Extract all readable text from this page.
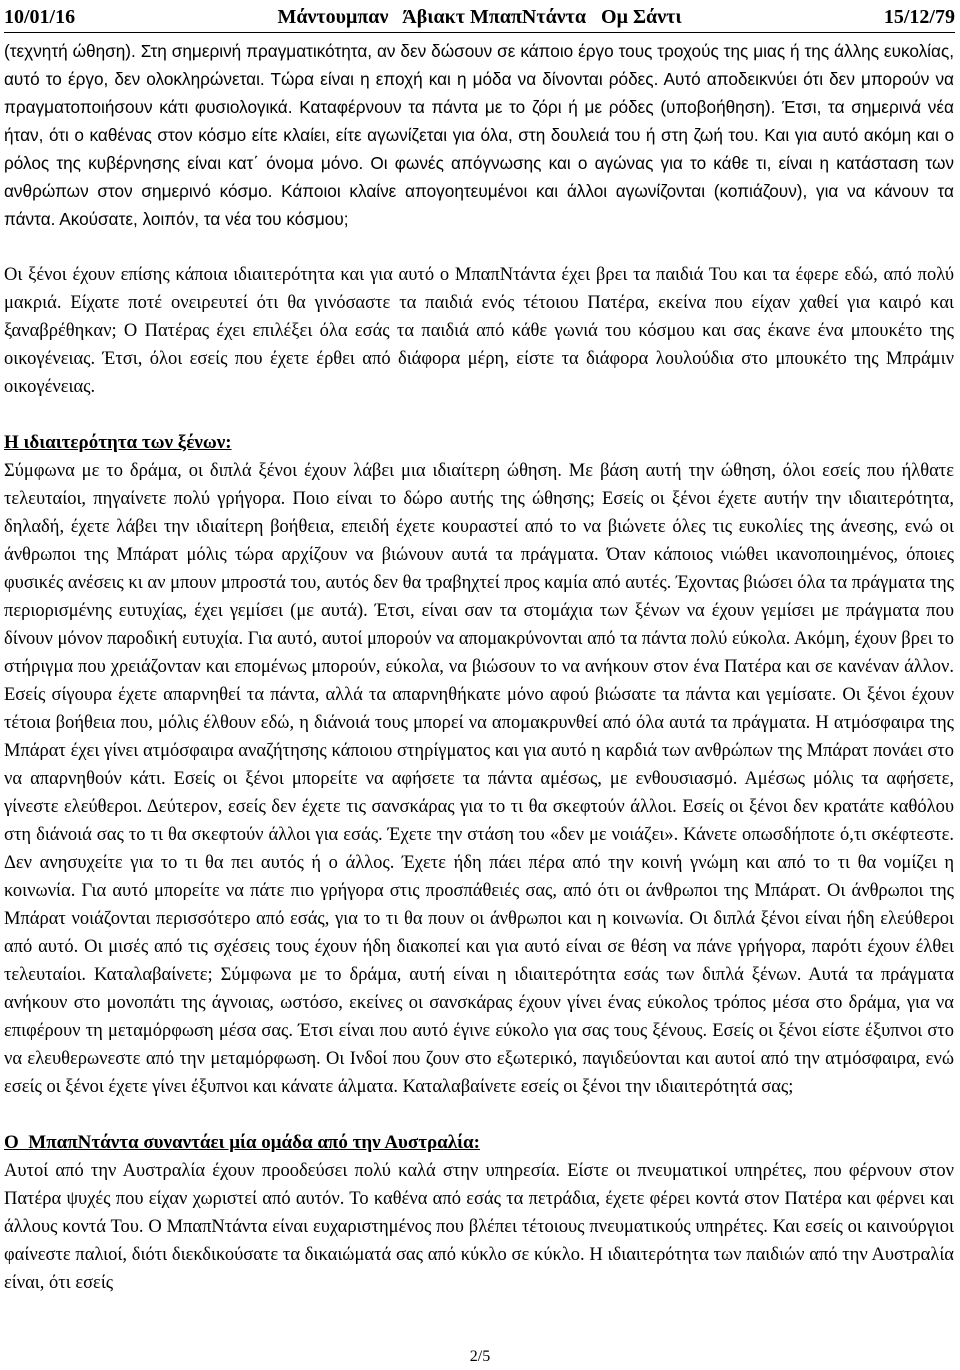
10/01/16	Μάντουμπαν   Άβιακτ ΜπαπΝτάντα   Ομ Σάντι	15/12/79

(τεχνητή ώθηση). Στη σημερινή πραγματικότητα, αν δεν δώσουν σε κάποιο έργο τους τροχούς της μιας ή της άλλης ευκολίας, αυτό το έργο, δεν ολοκληρώνεται. Τώρα είναι η εποχή και η μόδα να δίνονται ρόδες. Αυτό αποδεικνύει ότι δεν μπορούν να πραγματοποιήσουν κάτι φυσιολογικά. Καταφέρνουν τα πάντα με το ζόρι ή με ρόδες (υποβοήθηση). Έτσι, τα σημερινά νέα ήταν, ότι ο καθένας στον κόσμο είτε κλαίει, είτε αγωνίζεται για όλα, στη δουλειά του ή στη ζωή του. Και για αυτό ακόμη και ο ρόλος της κυβέρνησης είναι κατ΄ όνομα μόνο. Οι φωνές απόγνωσης και ο αγώνας για το κάθε τι, είναι η κατάσταση των ανθρώπων στον σημερινό κόσμο. Κάποιοι κλαίνε απογοητευμένοι και άλλοι αγωνίζονται (κοπιάζουν), για να κάνουν τα πάντα. Ακούσατε, λοιπόν, τα νέα του κόσμου;

Οι ξένοι έχουν επίσης κάποια ιδιαιτερότητα και για αυτό ο ΜπαπΝτάντα έχει βρει τα παιδιά Του και τα έφερε εδώ, από πολύ μακριά. Είχατε ποτέ ονειρευτεί ότι θα γινόσαστε τα παιδιά ενός τέτοιου Πατέρα, εκείνα που είχαν χαθεί για καιρό και ξαναβρέθηκαν; Ο Πατέρας έχει επιλέξει όλα εσάς τα παιδιά από κάθε γωνιά του κόσμου και σας έκανε ένα μπουκέτο της οικογένειας. Έτσι, όλοι εσείς που έχετε έρθει από διάφορα μέρη, είστε τα διάφορα λουλούδια στο μπουκέτο της Μπράμιν οικογένειας.

Η ιδιαιτερότητα των ξένων:

Σύμφωνα με το δράμα, οι διπλά ξένοι έχουν λάβει μια ιδιαίτερη ώθηση. Με βάση αυτή την ώθηση, όλοι εσείς που ήλθατε τελευταίοι, πηγαίνετε πολύ γρήγορα. Ποιο είναι το δώρο αυτής της ώθησης; Εσείς οι ξένοι έχετε αυτήν την ιδιαιτερότητα, δηλαδή, έχετε λάβει την ιδιαίτερη βοήθεια, επειδή έχετε κουραστεί από το να βιώνετε όλες τις ευκολίες της άνεσης, ενώ οι άνθρωποι της Μπάρατ μόλις τώρα αρχίζουν να βιώνουν αυτά τα πράγματα. Όταν κάποιος νιώθει ικανοποιημένος, όποιες φυσικές ανέσεις κι αν μπουν μπροστά του, αυτός δεν θα τραβηχτεί προς καμία από αυτές. Έχοντας βιώσει όλα τα πράγματα της περιορισμένης ευτυχίας, έχει γεμίσει (με αυτά). Έτσι, είναι σαν τα στομάχια των ξένων να έχουν γεμίσει με πράγματα που δίνουν μόνον παροδική ευτυχία. Για αυτό, αυτοί μπορούν να απομακρύνονται από τα πάντα πολύ εύκολα. Ακόμη, έχουν βρει το στήριγμα που χρειάζονταν και επομένως μπορούν, εύκολα, να βιώσουν το να ανήκουν στον ένα Πατέρα και σε κανέναν άλλον. Εσείς σίγουρα έχετε απαρνηθεί τα πάντα, αλλά τα απαρνηθήκατε μόνο αφού βιώσατε τα πάντα και γεμίσατε. Οι ξένοι έχουν τέτοια βοήθεια που, μόλις έλθουν εδώ, η διάνοιά τους μπορεί να απομακρυνθεί από όλα αυτά τα πράγματα. Η ατμόσφαιρα της Μπάρατ έχει γίνει ατμόσφαιρα αναζήτησης κάποιου στηρίγματος και για αυτό η καρδιά των ανθρώπων της Μπάρατ πονάει στο να απαρνηθούν κάτι. Εσείς οι ξένοι μπορείτε να αφήσετε τα πάντα αμέσως, με ενθουσιασμό. Αμέσως μόλις τα αφήσετε, γίνεστε ελεύθεροι. Δεύτερον, εσείς δεν έχετε τις σανσκάρας για το τι θα σκεφτούν άλλοι. Εσείς οι ξένοι δεν κρατάτε καθόλου στη διάνοιά σας το τι θα σκεφτούν άλλοι για εσάς. Έχετε την στάση του «δεν με νοιάζει». Κάνετε οπωσδήποτε ό,τι σκέφτεστε. Δεν ανησυχείτε για το τι θα πει αυτός ή ο άλλος. Έχετε ήδη πάει πέρα από την κοινή γνώμη και από το τι θα νομίζει η κοινωνία. Για αυτό μπορείτε να πάτε πιο γρήγορα στις προσπάθειές σας, από ότι οι άνθρωποι της Μπάρατ. Οι άνθρωποι της Μπάρατ νοιάζονται περισσότερο από εσάς, για το τι θα πουν οι άνθρωποι και η κοινωνία. Οι διπλά ξένοι είναι ήδη ελεύθεροι από αυτό. Οι μισές από τις σχέσεις τους έχουν ήδη διακοπεί και για αυτό είναι σε θέση να πάνε γρήγορα, παρότι έχουν έλθει τελευταίοι. Καταλαβαίνετε; Σύμφωνα με το δράμα, αυτή είναι η ιδιαιτερότητα εσάς των διπλά ξένων. Αυτά τα πράγματα ανήκουν στο μονοπάτι της άγνοιας, ωστόσο, εκείνες οι σανσκάρας έχουν γίνει ένας εύκολος τρόπος μέσα στο δράμα, για να επιφέρουν τη μεταμόρφωση μέσα σας. Έτσι είναι που αυτό έγινε εύκολο για σας τους ξένους. Εσείς οι ξένοι είστε έξυπνοι στο να ελευθερωνεστε από την μεταμόρφωση. Οι Ινδοί που ζουν στο εξωτερικό, παγιδεύονται και αυτοί από την ατμόσφαιρα, ενώ εσείς οι ξένοι έχετε γίνει έξυπνοι και κάνατε άλματα. Καταλαβαίνετε εσείς οι ξένοι την ιδιαιτερότητά σας;

Ο  ΜπαπΝτάντα συναντάει μία ομάδα από την Αυστραλία:

Αυτοί από την Αυστραλία έχουν προοδεύσει πολύ καλά στην υπηρεσία. Είστε οι πνευματικοί υπηρέτες, που φέρνουν στον Πατέρα ψυχές που είχαν χωριστεί από αυτόν. Το καθένα από εσάς τα πετράδια, έχετε φέρει κοντά στον Πατέρα και φέρνει και άλλους κοντά Του. Ο ΜπαπΝτάντα είναι ευχαριστημένος που βλέπει τέτοιους πνευματικούς υπηρέτες. Και εσείς οι καινούργιοι φαίνεστε παλιοί, διότι διεκδικούσατε τα δικαιώματά σας από κύκλο σε κύκλο. Η ιδιαιτερότητα των παιδιών από την Αυστραλία είναι, ότι εσείς

2/5
